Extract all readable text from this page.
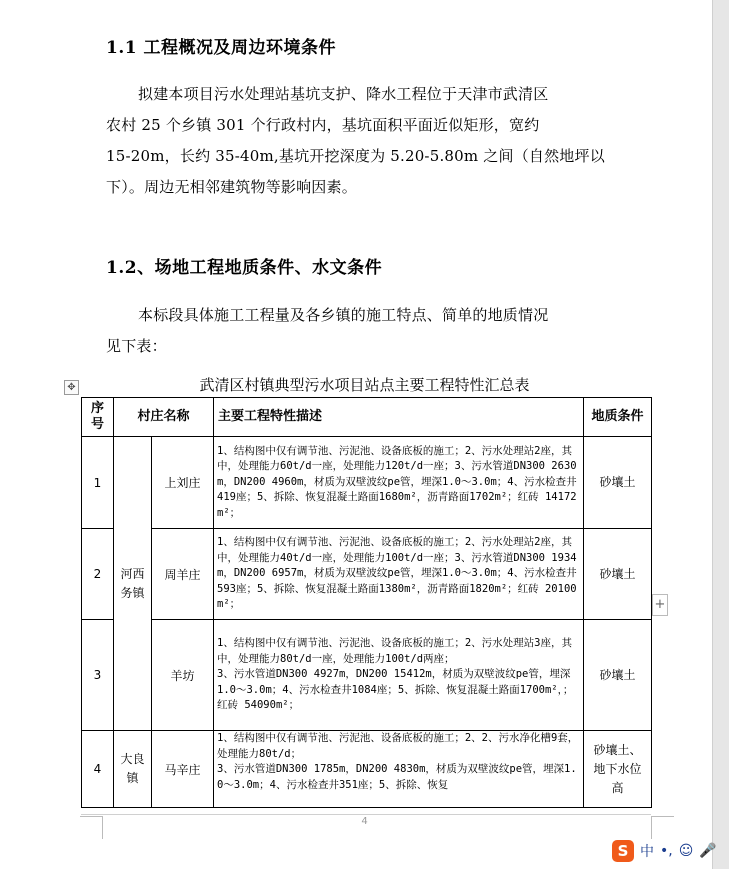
1.1 工程概况及周边环境条件
拟建本项目污水处理站基坑支护、降水工程位于天津市武清区
农村 25 个乡镇 301 个行政村内，基坑面积平面近似矩形，宽约
15-20m，长约 35-40m,基坑开挖深度为 5.20-5.80m 之间（自然地坪以
下）。周边无相邻建筑物等影响因素。
1.2、场地工程地质条件、水文条件
本标段具体施工工程量及各乡镇的施工特点、简单的地质情况
见下表：
✥	武清区村镇典型污水项目站点主要工程特性汇总表
序号	村庄名称		主要工程特性描述	地质条件
1	河西务镇	上刘庄	1、结构图中仅有调节池、污泥池、设备底板的施工；2、污水处理站2座，其中，处理能力60t/d一座，处理能力120t/d一座；3、污水管道DN300 2630m，DN200 4960m，材质为双壁波纹pe管，埋深1.0～3.0m；4、污水检查井419座；5、拆除、恢复混凝土路面1680m²，沥青路面1702m²；红砖 14172m²；	砂壤土
2		周羊庄	1、结构图中仅有调节池、污泥池、设备底板的施工；2、污水处理站2座，其中，处理能力40t/d一座，处理能力100t/d一座；3、污水管道DN300 1934m，DN200 6957m，材质为双壁波纹pe管，埋深1.0～3.0m；4、污水检查井593座；5、拆除、恢复混凝土路面1380m²，沥青路面1820m²；红砖 20100m²；	砂壤土
3		羊坊	1、结构图中仅有调节池、污泥池、设备底板的施工；2、污水处理站3座，其中，处理能力80t/d一座，处理能力100t/d两座；
3、污水管道DN300 4927m，DN200 15412m，材质为双壁波纹pe管，埋深1.0～3.0m；4、污水检查井1084座；5、拆除、恢复混凝土路面1700m²，；红砖 54090m²；	砂壤土
4	大良镇	马辛庄	1、结构图中仅有调节池、污泥池、设备底板的施工；2、2、污水净化槽9套，处理能力80t/d；
3、污水管道DN300 1785m，DN200 4830m，材质为双壁波纹pe管，埋深1.0～3.0m；4、污水检查井351座；5、拆除、恢复	砂壤土、地下水位高
+
4
S 中 •, ☺ 🎤
